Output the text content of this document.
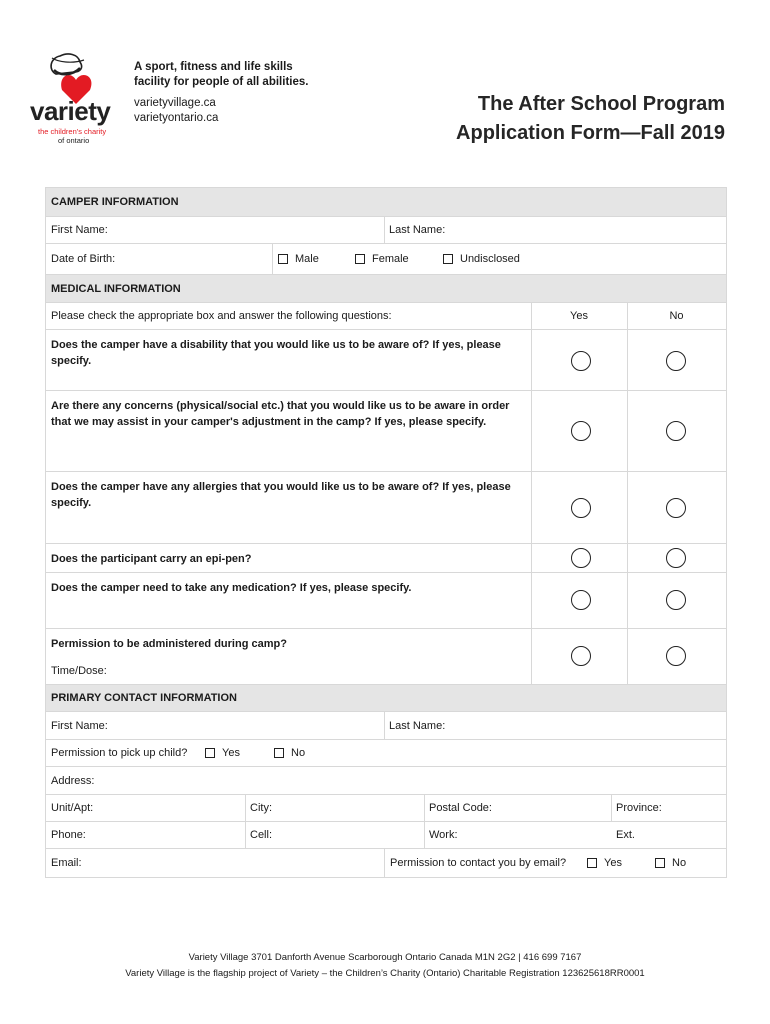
variety
the children's charity
of ontario
A sport, fitness and life skills
facility for people of all abilities.
varietyvillage.ca
varietyontario.ca
The After School Program
Application Form—Fall 2019
CAMPER INFORMATION
First Name:	Last Name:
Date of Birth:	Male	Female	Undisclosed
MEDICAL INFORMATION
Please check the appropriate box and answer the following questions:	Yes	No
Does the camper have a disability that you would like us to be aware of? If yes, please specify.
Are there any concerns (physical/social etc.) that you would like us to be aware in order that we may assist in your camper's adjustment in the camp? If yes, please specify.
Does the camper have any allergies that you would like us to be aware of? If yes, please specify.
Does the participant carry an epi-pen?
Does the camper need to take any medication? If yes, please specify.
Permission to be administered during camp?
Time/Dose:
PRIMARY CONTACT INFORMATION
First Name:	Last Name:
Permission to pick up child?	Yes	No
Address:
Unit/Apt:	City:	Postal Code:	Province:
Phone:	Cell:	Work:	Ext.
Email:	Permission to contact you by email?	Yes	No
Variety Village 3701 Danforth Avenue Scarborough Ontario Canada M1N 2G2 | 416 699 7167
Variety Village is the flagship project of Variety – the Children’s Charity (Ontario) Charitable Registration 123625618RR0001
